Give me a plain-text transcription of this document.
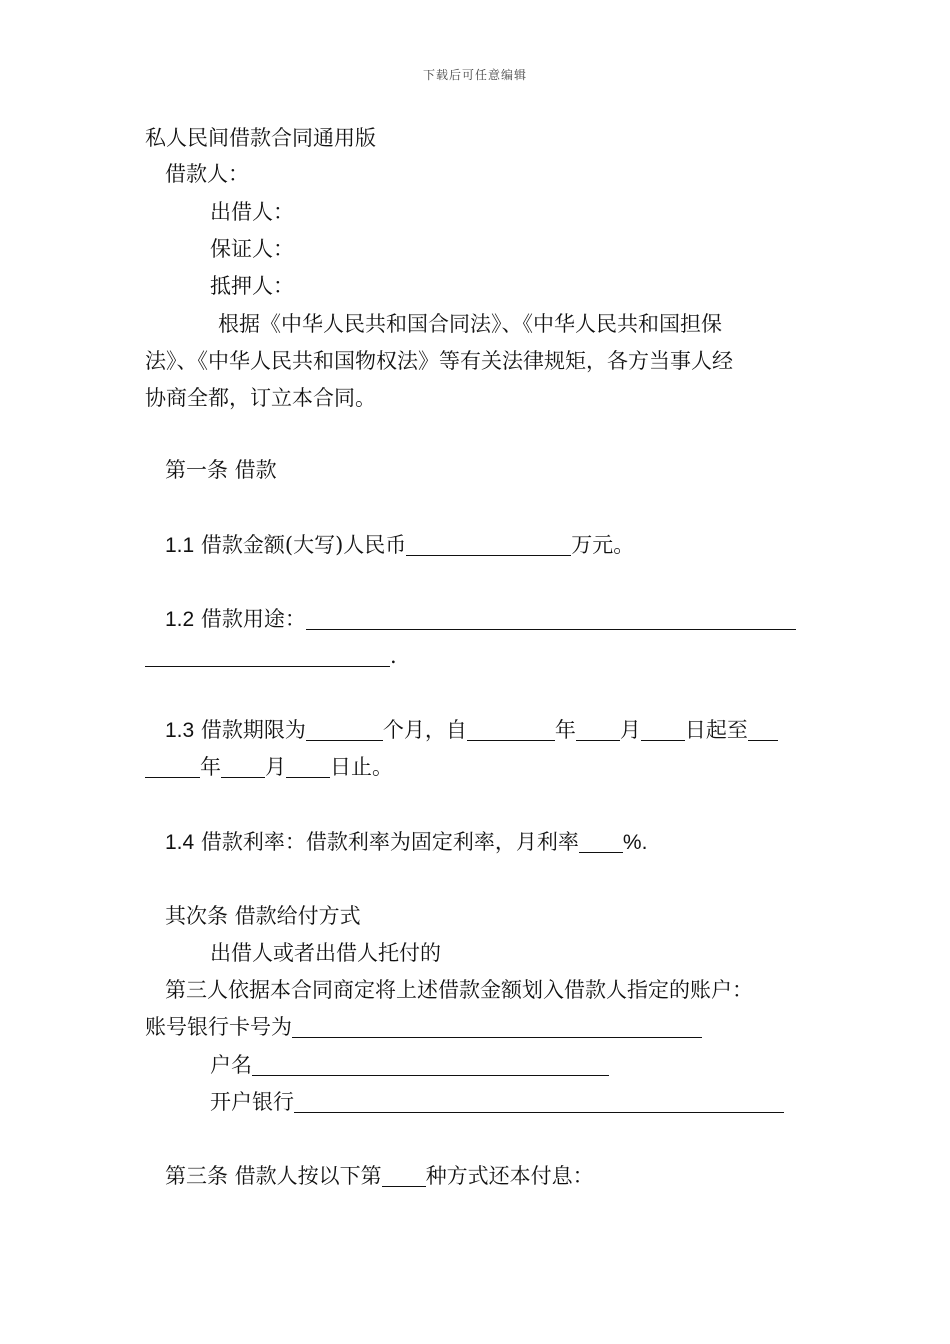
下载后可任意编辑
私人民间借款合同通用版
借款人：
出借人：
保证人：
抵押人：
根据《中华人民共和国合同法》、《中华人民共和国担保
法》、《中华人民共和国物权法》等有关法律规矩，各方当事人经
协商全都，订立本合同。
第一条 借款
1.1 借款金额(大写)人民币	万元。
1.2 借款用途：
.
1.3 借款期限为	个月，自	年 月 日起至
年 月 日止。
1.4 借款利率：借款利率为固定利率，月利率 %.
其次条 借款给付方式
出借人或者出借人托付的
第三人依据本合同商定将上述借款金额划入借款人指定的账户：
账号银行卡号为
户名
开户银行
第三条 借款人按以下第 种方式还本付息：
